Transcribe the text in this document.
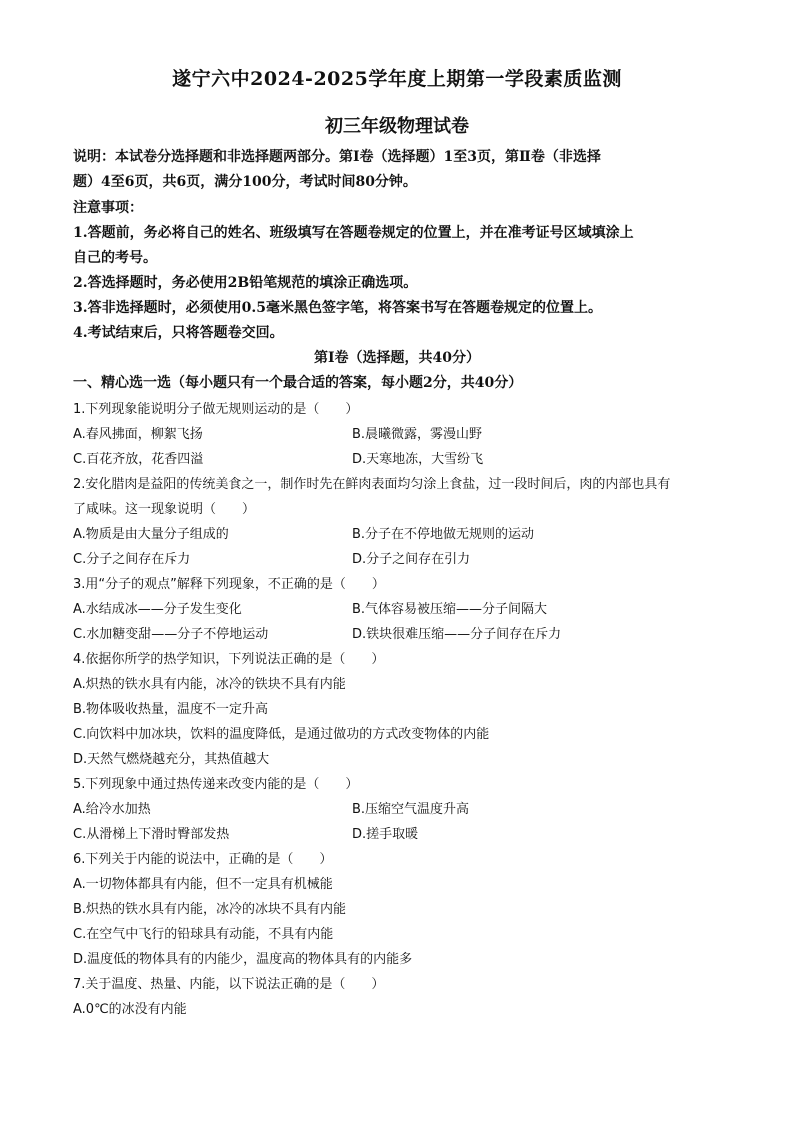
遂宁六中2024-2025学年度上期第一学段素质监测
初三年级物理试卷
说明：本试卷分选择题和非选择题两部分。第Ⅰ卷（选择题）1至3页，第Ⅱ卷（非选择
题）4至6页，共6页，满分100分，考试时间80分钟。
注意事项：
1.答题前，务必将自己的姓名、班级填写在答题卷规定的位置上，并在准考证号区域填涂上
自己的考号。
2.答选择题时，务必使用2B铅笔规范的填涂正确选项。
3.答非选择题时，必须使用0.5毫米黑色签字笔，将答案书写在答题卷规定的位置上。
4.考试结束后，只将答题卷交回。
第Ⅰ卷（选择题，共40分）
一、精心选一选（每小题只有一个最合适的答案，每小题2分，共40分）
1.下列现象能说明分子做无规则运动的是（　　）
A.春风拂面，柳絮飞扬	B.晨曦微露，雾漫山野
C.百花齐放，花香四溢	D.天寒地冻，大雪纷飞
2.安化腊肉是益阳的传统美食之一，制作时先在鲜肉表面均匀涂上食盐，过一段时间后，肉的内部也具有
了咸味。这一现象说明（　　）
A.物质是由大量分子组成的	B.分子在不停地做无规则的运动
C.分子之间存在斥力	D.分子之间存在引力
3.用“分子的观点”解释下列现象，不正确的是（　　）
A.水结成冰——分子发生变化	B.气体容易被压缩——分子间隔大
C.水加糖变甜——分子不停地运动	D.铁块很难压缩——分子间存在斥力
4.依据你所学的热学知识，下列说法正确的是（　　）
A.炽热的铁水具有内能，冰冷的铁块不具有内能
B.物体吸收热量，温度不一定升高
C.向饮料中加冰块，饮料的温度降低，是通过做功的方式改变物体的内能
D.天然气燃烧越充分，其热值越大
5.下列现象中通过热传递来改变内能的是（　　）
A.给冷水加热	B.压缩空气温度升高
C.从滑梯上下滑时臀部发热	D.搓手取暖
6.下列关于内能的说法中，正确的是（　　）
A.一切物体都具有内能，但不一定具有机械能
B.炽热的铁水具有内能，冰冷的冰块不具有内能
C.在空气中飞行的铅球具有动能，不具有内能
D.温度低的物体具有的内能少，温度高的物体具有的内能多
7.关于温度、热量、内能，以下说法正确的是（　　）
A.0℃的冰没有内能
